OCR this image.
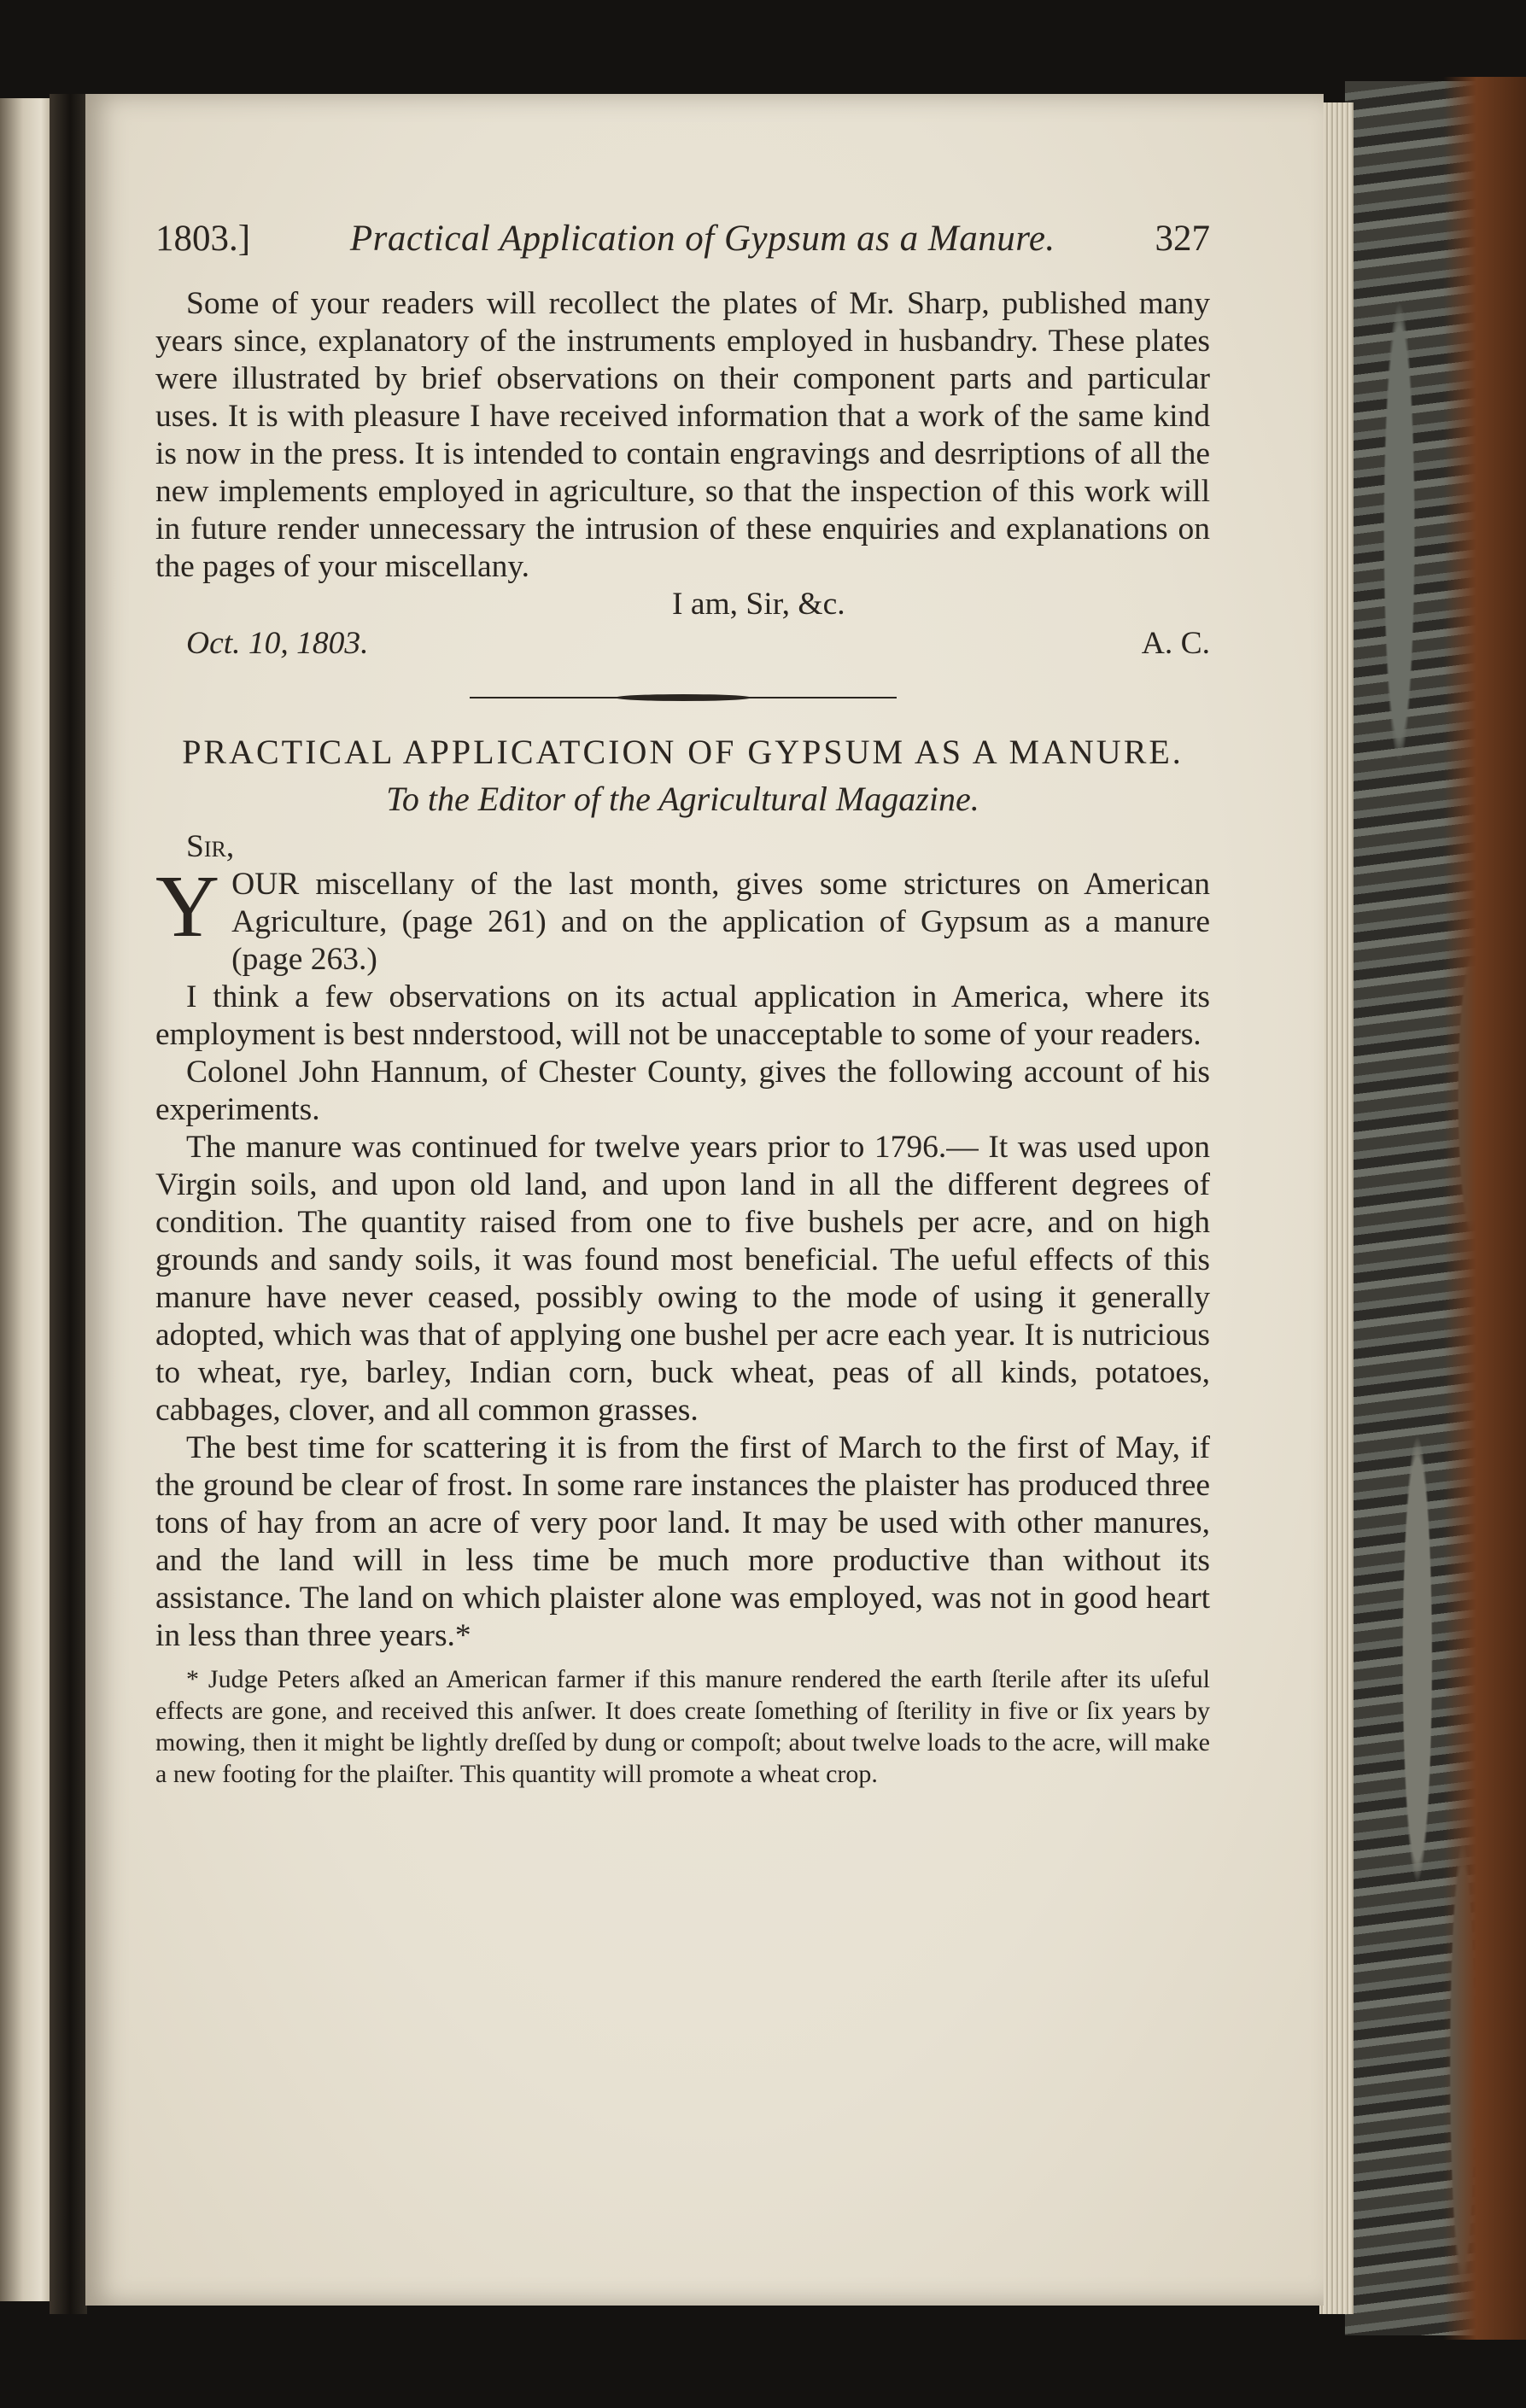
1803.]	Practical Application of Gypsum as a Manure.	327

Some of your readers will recollect the plates of Mr. Sharp, published many years since, explanatory of the instruments employed in husbandry. These plates were illustrated by brief observations on their component parts and particular uses. It is with pleasure I have received information that a work of the same kind is now in the press. It is intended to contain engravings and desrriptions of all the new implements employed in agriculture, so that the inspection of this work will in future render unnecessary the intrusion of these enquiries and explanations on the pages of your miscellany.

I am, Sir, &c.

Oct. 10, 1803.	A. C.

PRACTICAL APPLICATCION OF GYPSUM AS A MANURE.

To the Editor of the Agricultural Magazine.

Sir,

YOUR miscellany of the last month, gives some strictures on American Agriculture, (page 261) and on the application of Gypsum as a manure (page 263.)

I think a few observations on its actual application in America, where its employment is best nnderstood, will not be unacceptable to some of your readers.

Colonel John Hannum, of Chester County, gives the following account of his experiments.

The manure was continued for twelve years prior to 1796.— It was used upon Virgin soils, and upon old land, and upon land in all the different degrees of condition. The quantity raised from one to five bushels per acre, and on high grounds and sandy soils, it was found most beneficial. The ueful effects of this manure have never ceased, possibly owing to the mode of using it generally adopted, which was that of applying one bushel per acre each year. It is nutricious to wheat, rye, barley, Indian corn, buck wheat, peas of all kinds, potatoes, cabbages, clover, and all common grasses.

The best time for scattering it is from the first of March to the first of May, if the ground be clear of frost. In some rare instances the plaister has produced three tons of hay from an acre of very poor land. It may be used with other manures, and the land will in less time be much more productive than without its assistance. The land on which plaister alone was employed, was not in good heart in less than three years.*

* Judge Peters aſked an American farmer if this manure rendered the earth ſterile after its uſeful effects are gone, and received this anſwer. It does create ſomething of ſterility in five or ſix years by mowing, then it might be lightly dreſſed by dung or compoſt; about twelve loads to the acre, will make a new footing for the plaiſter. This quantity will promote a wheat crop.
